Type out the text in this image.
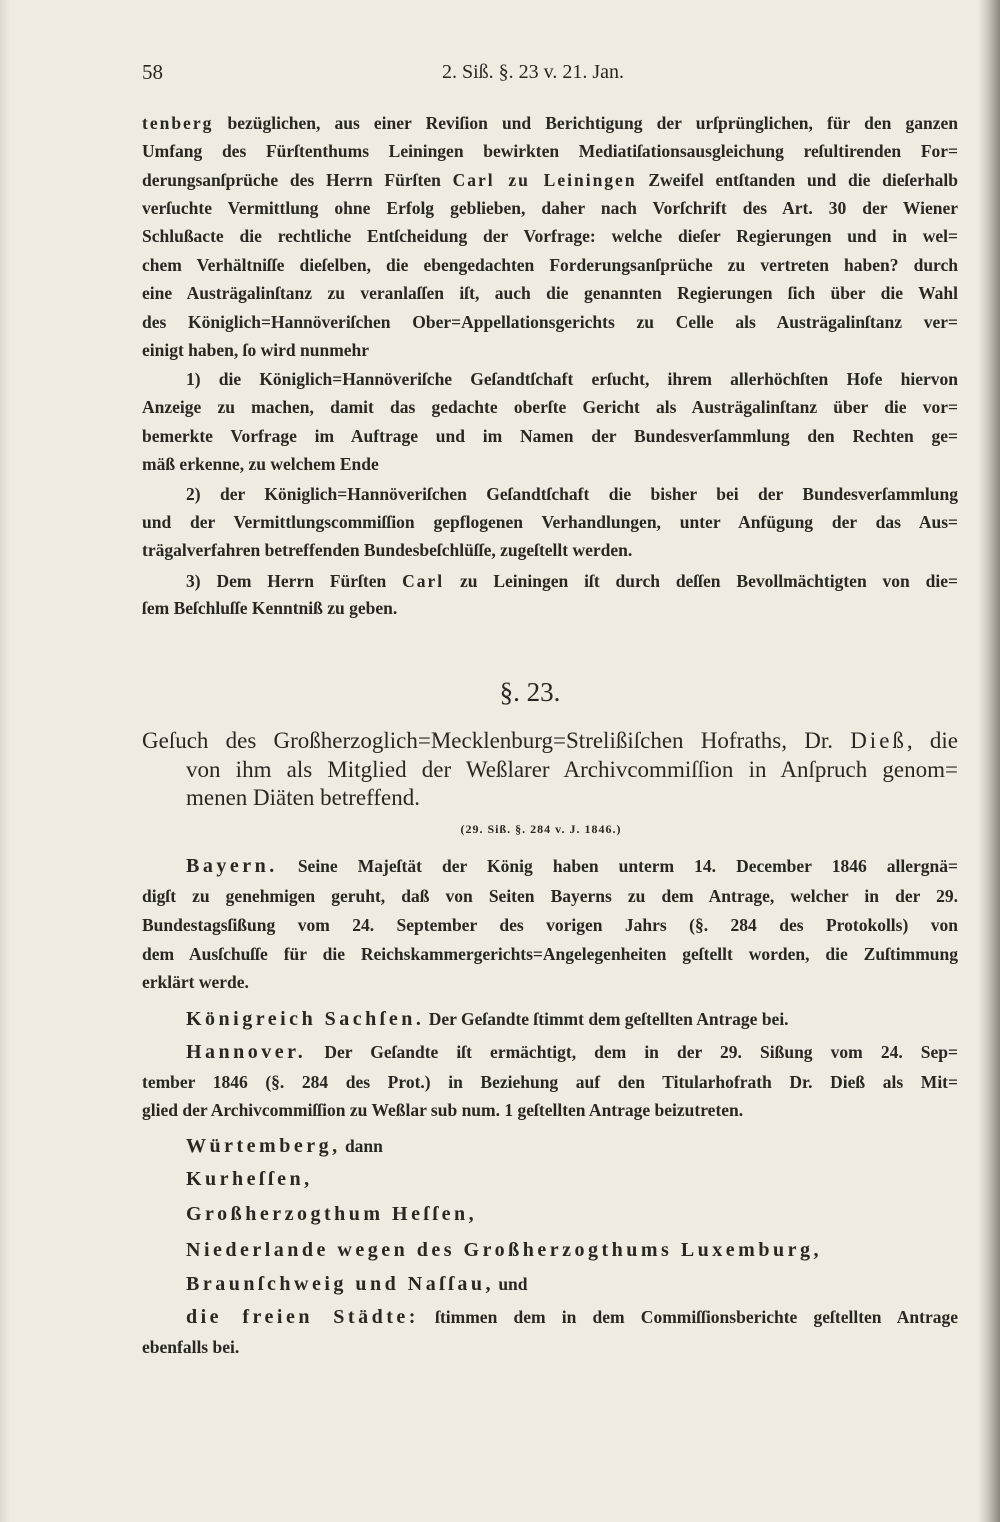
58	2. Siß. §. 23 v. 21. Jan.
tenberg bezüglichen, aus einer Reviſion und Berichtigung der urſprünglichen, für den ganzen
Umfang des Fürſtenthums Leiningen bewirkten Mediatiſationsausgleichung reſultirenden For=
derungsanſprüche des Herrn Fürſten Carl zu Leiningen Zweifel entſtanden und die dieſerhalb
verſuchte Vermittlung ohne Erfolg geblieben, daher nach Vorſchrift des Art. 30 der Wiener
Schlußacte die rechtliche Entſcheidung der Vorfrage: welche dieſer Regierungen und in wel=
chem Verhältniſſe dieſelben, die ebengedachten Forderungsanſprüche zu vertreten haben? durch
eine Austrägalinſtanz zu veranlaſſen iſt, auch die genannten Regierungen ſich über die Wahl
des Königlich=Hannöveriſchen Ober=Appellationsgerichts zu Celle als Austrägalinſtanz ver=
einigt haben, ſo wird nunmehr
1) die Königlich=Hannöveriſche Geſandtſchaft erſucht, ihrem allerhöchſten Hofe hiervon
Anzeige zu machen, damit das gedachte oberſte Gericht als Austrägalinſtanz über die vor=
bemerkte Vorfrage im Auftrage und im Namen der Bundesverſammlung den Rechten ge=
mäß erkenne, zu welchem Ende
2) der Königlich=Hannöveriſchen Geſandtſchaft die bisher bei der Bundesverſammlung
und der Vermittlungscommiſſion gepflogenen Verhandlungen, unter Anfügung der das Aus=
trägalverfahren betreffenden Bundesbeſchlüſſe, zugeſtellt werden.
3) Dem Herrn Fürſten Carl zu Leiningen iſt durch deſſen Bevollmächtigten von die=
ſem Beſchluſſe Kenntniß zu geben.
§. 23.
Geſuch des Großherzoglich=Mecklenburg=Strelißiſchen Hofraths, Dr. Dieß, die
von ihm als Mitglied der Weßlarer Archivcommiſſion in Anſpruch genom=
menen Diäten betreffend.
(29. Siß. §. 284 v. J. 1846.)
Bayern. Seine Majeſtät der König haben unterm 14. December 1846 allergnä=
digſt zu genehmigen geruht, daß von Seiten Bayerns zu dem Antrage, welcher in der 29.
Bundestagsſißung vom 24. September des vorigen Jahrs (§. 284 des Protokolls) von
dem Ausſchuſſe für die Reichskammergerichts=Angelegenheiten geſtellt worden, die Zuſtimmung
erklärt werde.
Königreich Sachſen. Der Geſandte ſtimmt dem geſtellten Antrage bei.
Hannover. Der Geſandte iſt ermächtigt, dem in der 29. Sißung vom 24. Sep=
tember 1846 (§. 284 des Prot.) in Beziehung auf den Titularhofrath Dr. Dieß als Mit=
glied der Archivcommiſſion zu Weßlar sub num. 1 geſtellten Antrage beizutreten.
Würtemberg, dann
Kurheſſen,
Großherzogthum Heſſen,
Niederlande wegen des Großherzogthums Luxemburg,
Braunſchweig und Naſſau, und
die freien Städte: ſtimmen dem in dem Commiſſionsberichte geſtellten Antrage
ebenfalls bei.
